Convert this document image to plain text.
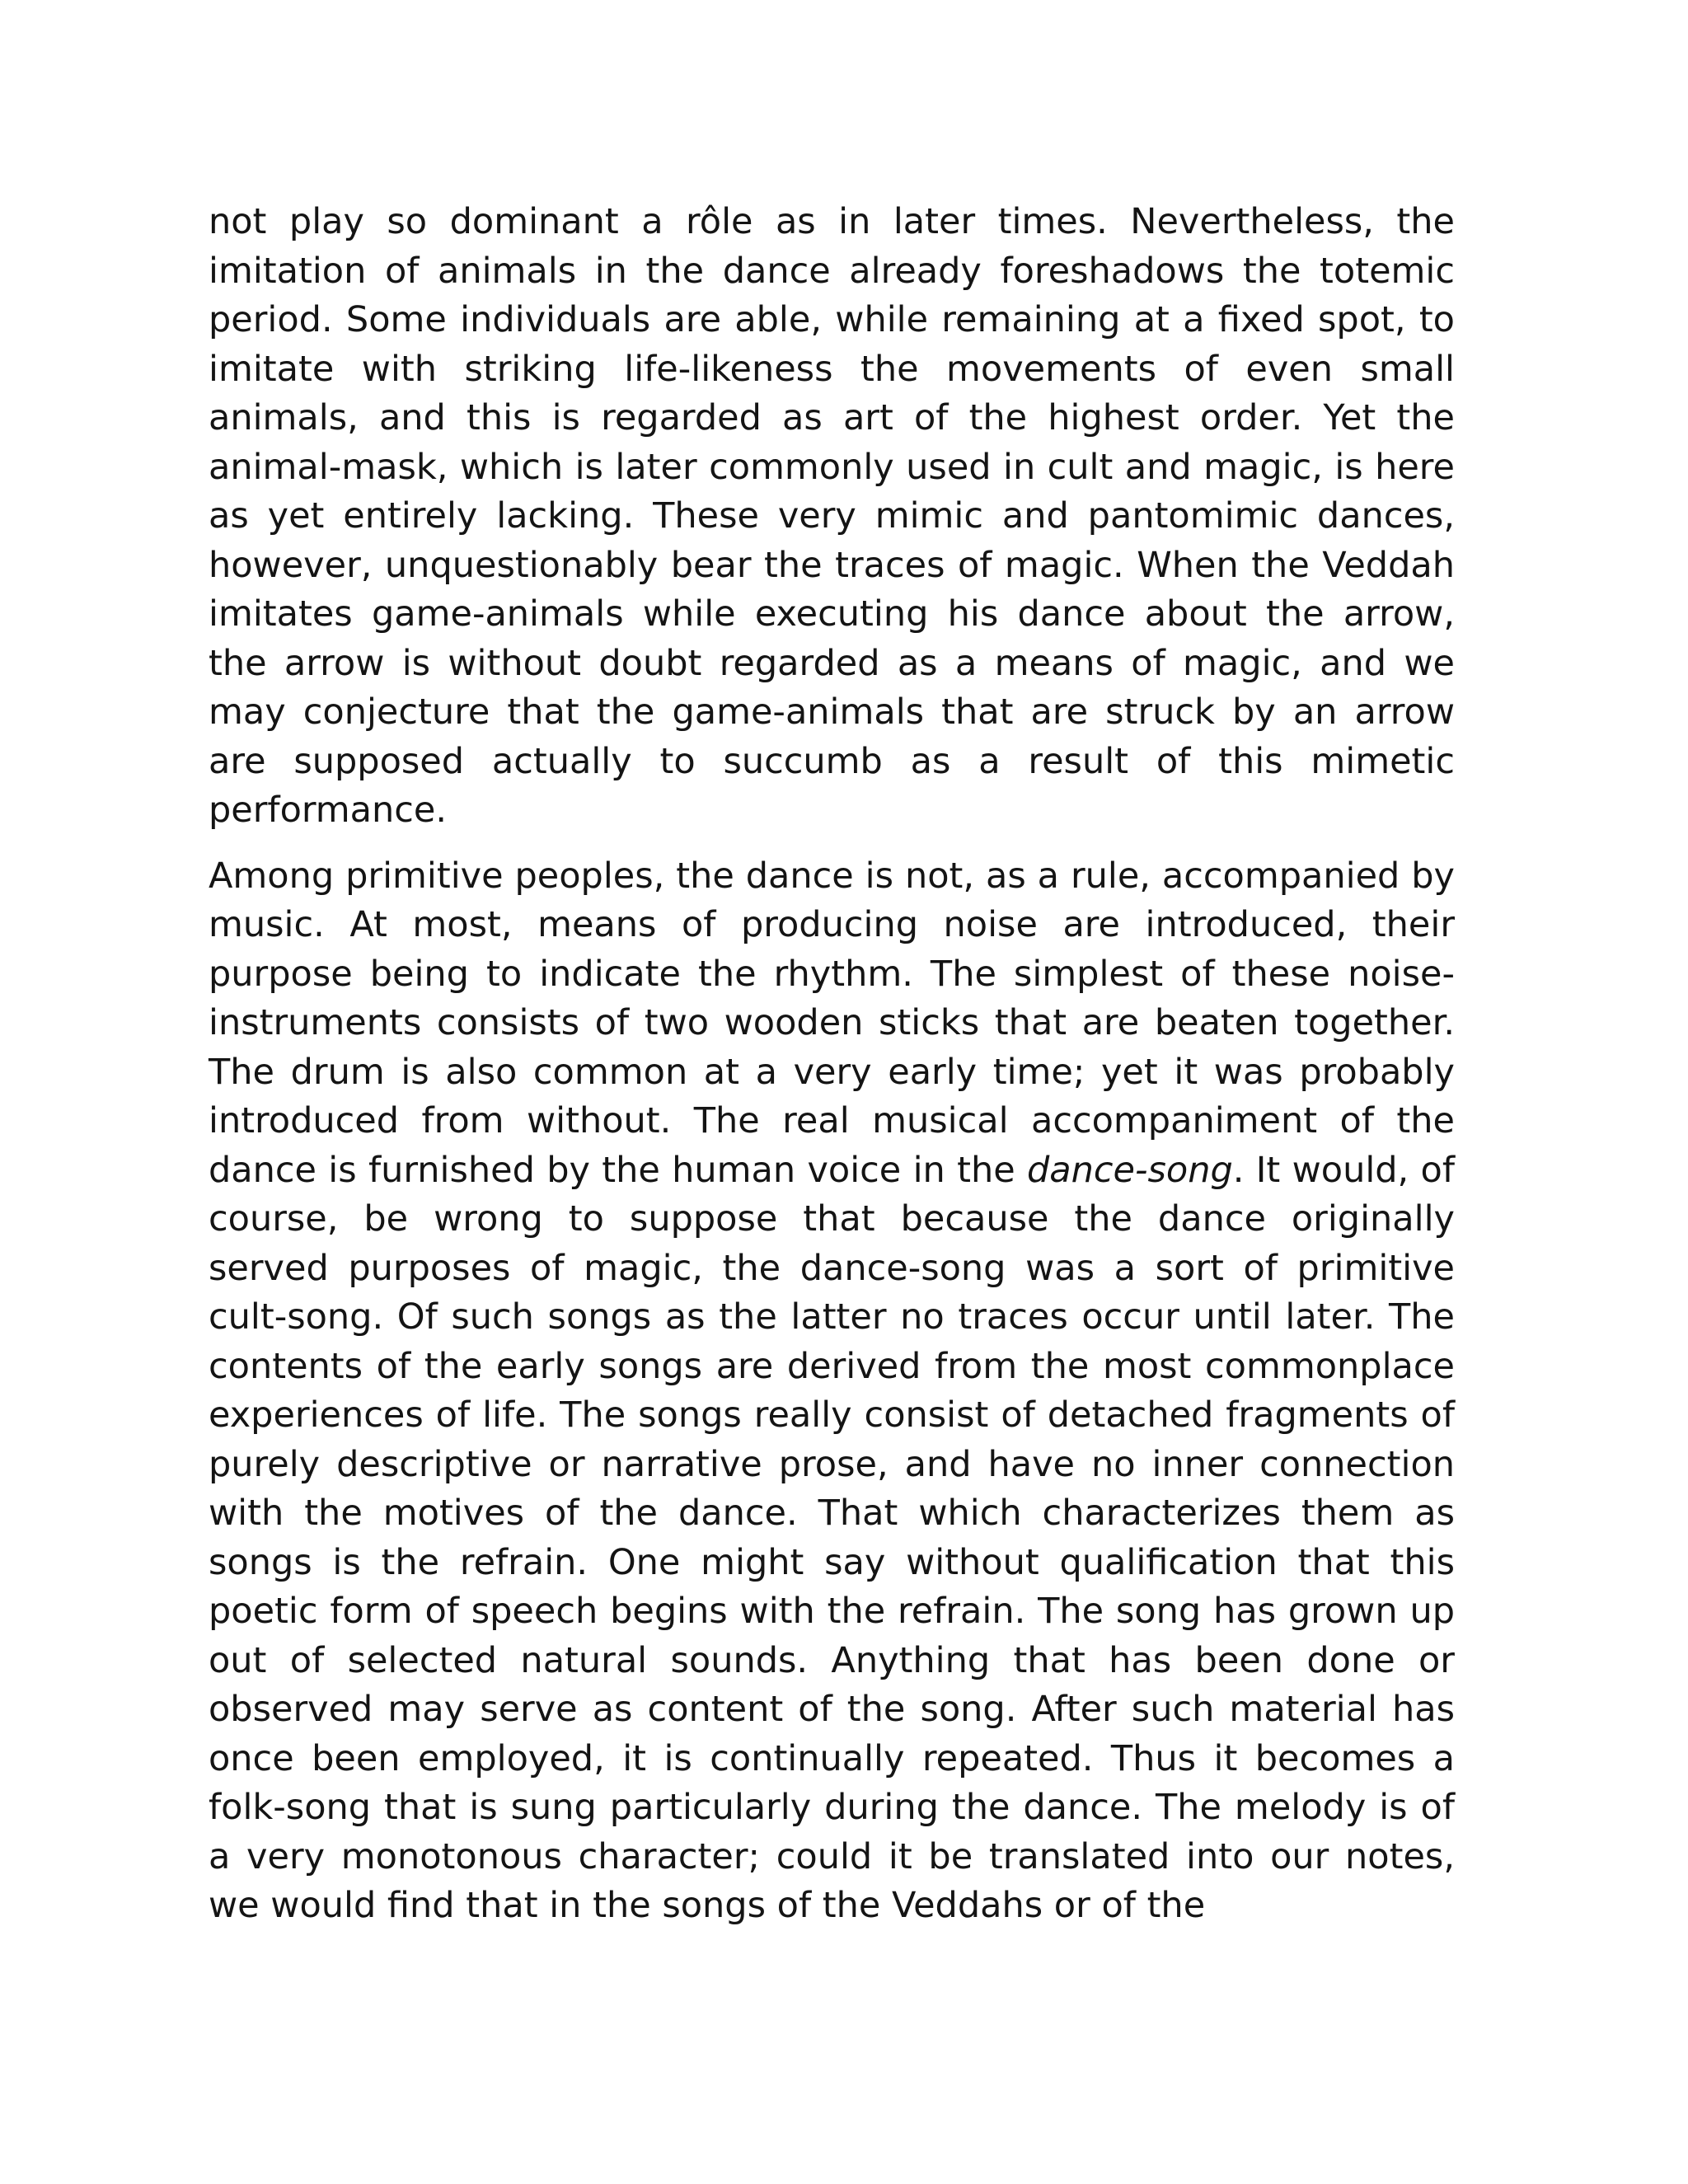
not play so dominant a rôle as in later times. Nevertheless, the imitation of animals in the dance already foreshadows the totemic period. Some individuals are able, while remaining at a fixed spot, to imitate with striking life-likeness the movements of even small animals, and this is regarded as art of the highest order. Yet the animal-mask, which is later commonly used in cult and magic, is here as yet entirely lacking. These very mimic and pantomimic dances, however, unquestionably bear the traces of magic. When the Veddah imitates game-animals while executing his dance about the arrow, the arrow is without doubt regarded as a means of magic, and we may conjecture that the game-animals that are struck by an arrow are supposed actually to succumb as a result of this mimetic performance.

Among primitive peoples, the dance is not, as a rule, accompanied by music. At most, means of producing noise are introduced, their purpose being to indicate the rhythm. The simplest of these noise-instruments consists of two wooden sticks that are beaten together. The drum is also common at a very early time; yet it was probably introduced from without. The real musical accompaniment of the dance is furnished by the human voice in the dance-song. It would, of course, be wrong to suppose that because the dance originally served purposes of magic, the dance-song was a sort of primitive cult-song. Of such songs as the latter no traces occur until later. The contents of the early songs are derived from the most commonplace experiences of life. The songs really consist of detached fragments of purely descriptive or narrative prose, and have no inner connection with the motives of the dance. That which characterizes them as songs is the refrain. One might say without qualification that this poetic form of speech begins with the refrain. The song has grown up out of selected natural sounds. Anything that has been done or observed may serve as content of the song. After such material has once been employed, it is continually repeated. Thus it becomes a folk-song that is sung particularly during the dance. The melody is of a very monotonous character; could it be translated into our notes, we would find that in the songs of the Veddahs or of the
